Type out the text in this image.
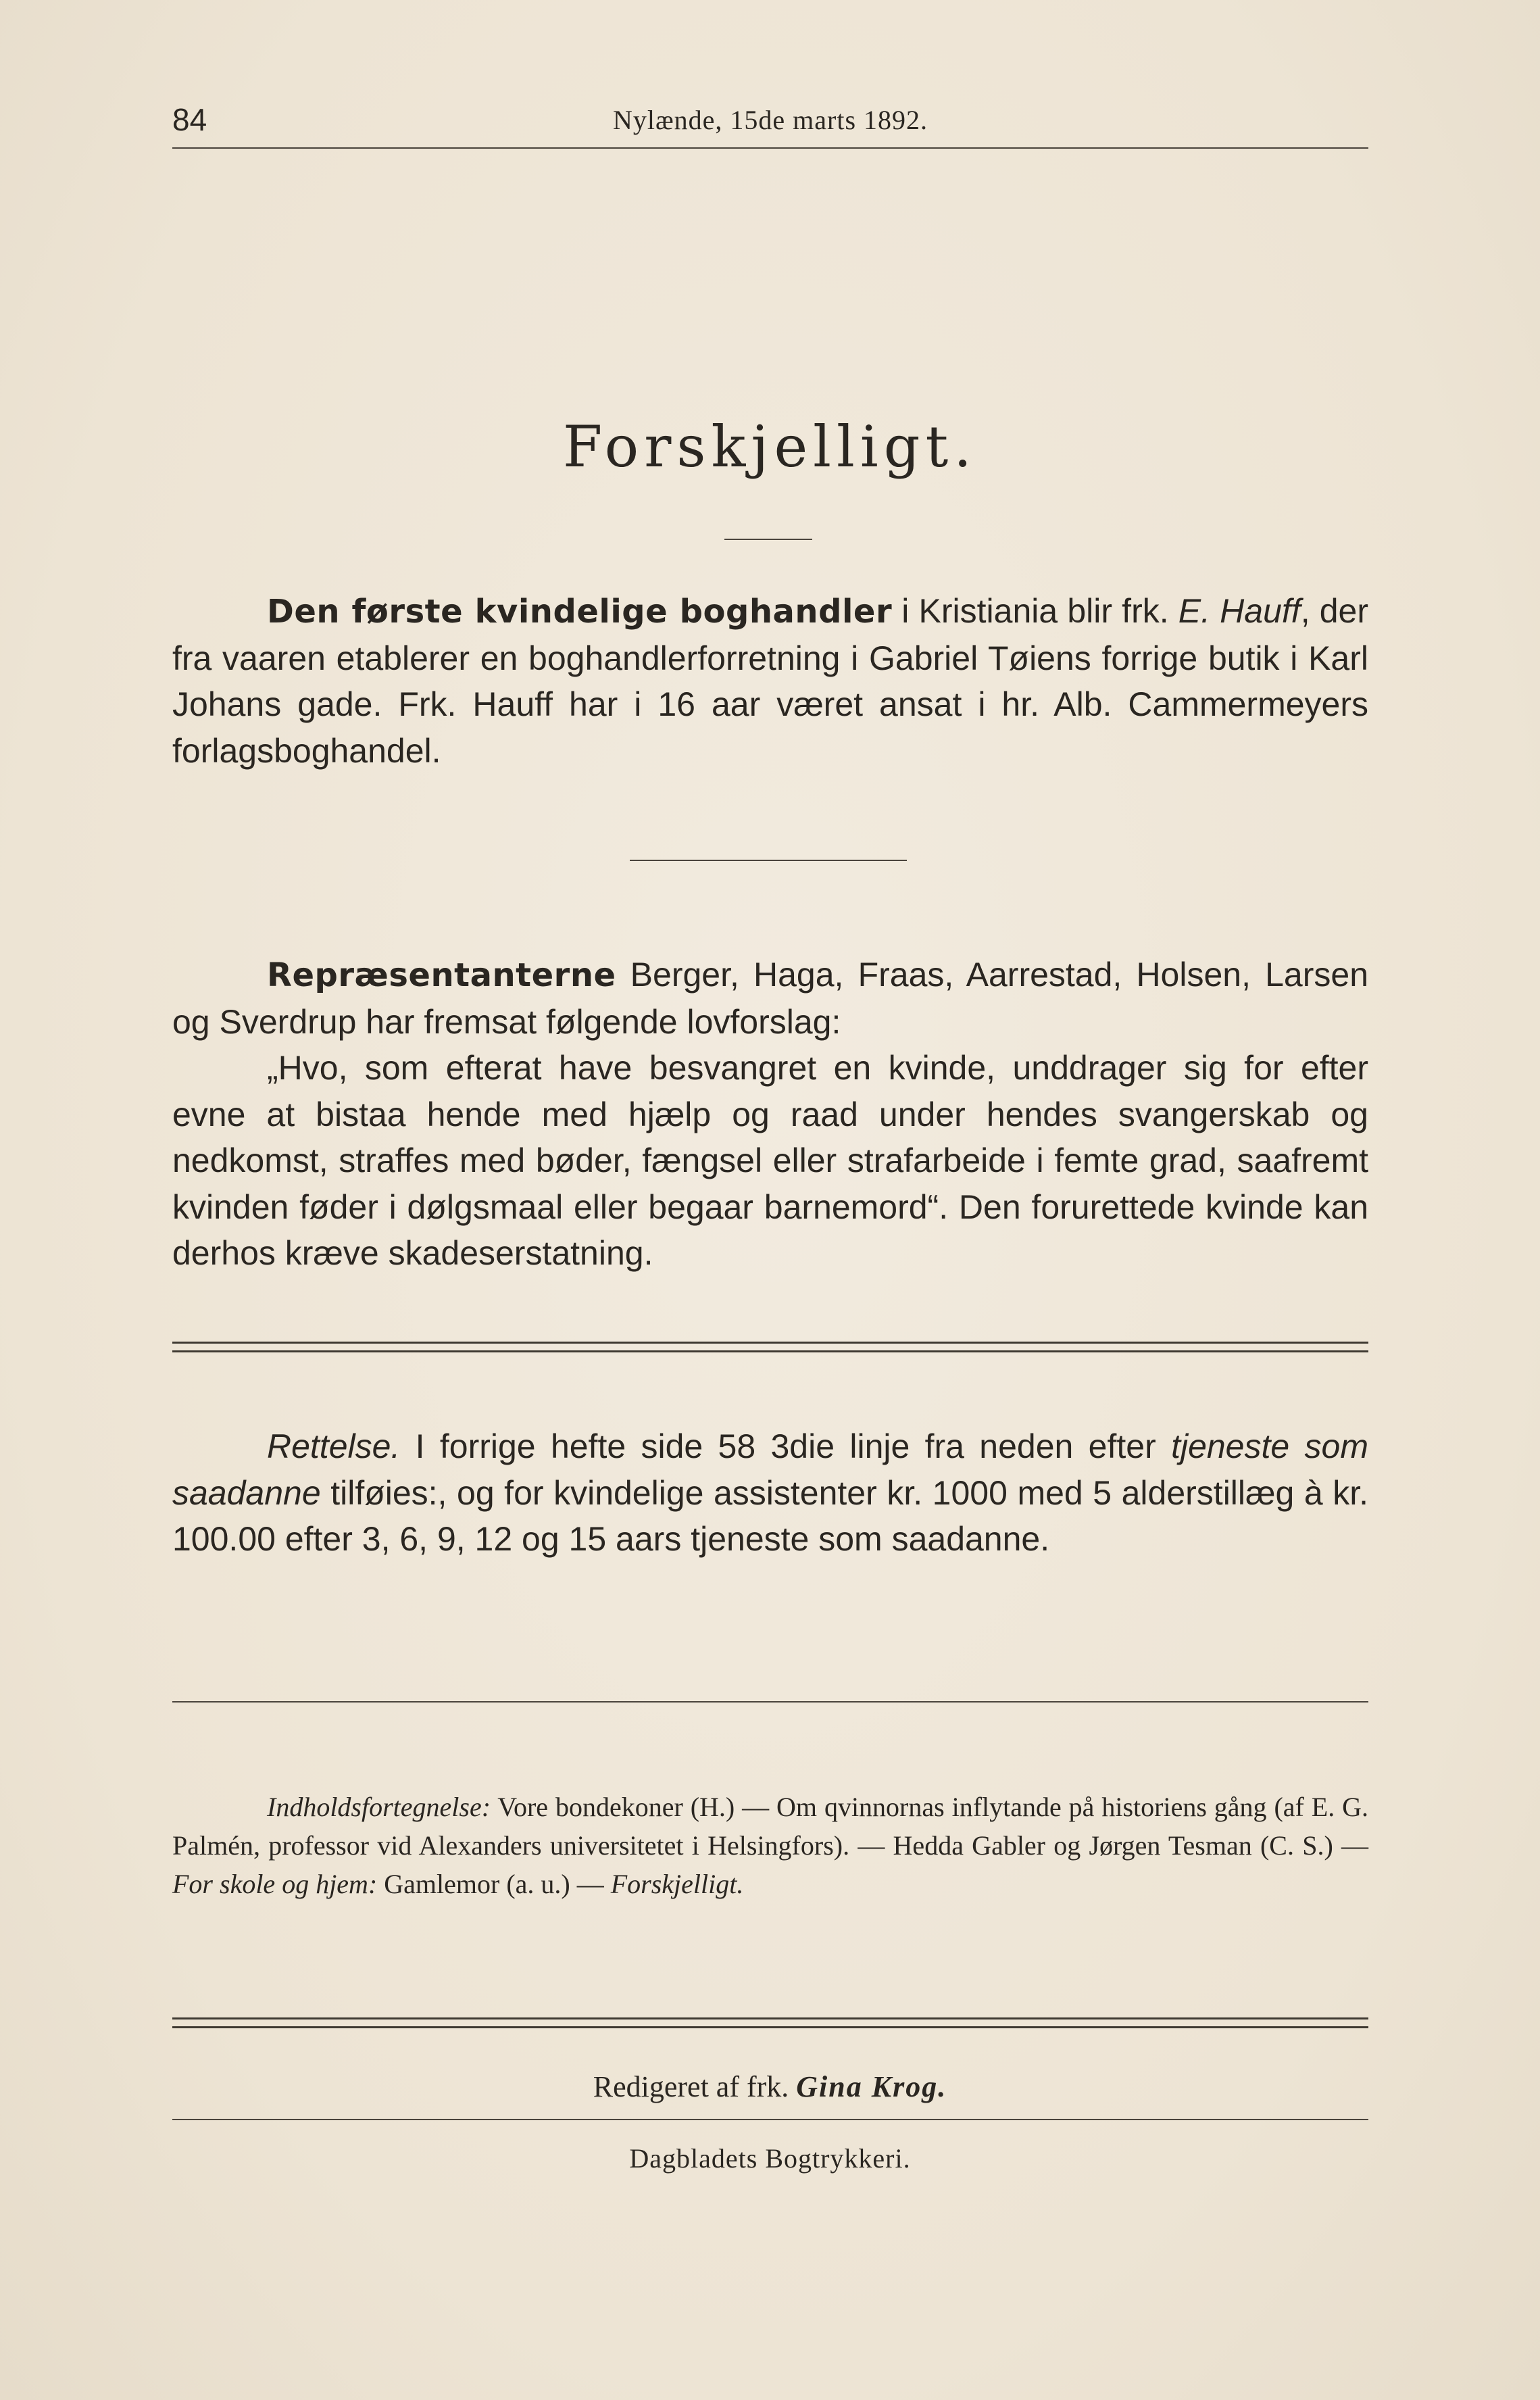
84	Nylænde, 15de marts 1892.
Forskjelligt.

Den første kvindelige boghandler i Kristiania blir frk. E. Hauff, der fra vaaren etablerer en boghandlerforretning i Gabriel Tøiens forrige butik i Karl Johans gade. Frk. Hauff har i 16 aar været ansat i hr. Alb. Cammermeyers forlagsboghandel.

Repræsentanterne Berger, Haga, Fraas, Aarrestad, Holsen, Larsen og Sverdrup har fremsat følgende lovforslag:

„Hvo, som efterat have besvangret en kvinde, unddrager sig for efter evne at bistaa hende med hjælp og raad under hendes svangerskab og nedkomst, straffes med bøder, fængsel eller strafarbeide i femte grad, saafremt kvinden føder i dølgsmaal eller begaar barnemord“. Den forurettede kvinde kan derhos kræve skadeserstatning.

Rettelse. I forrige hefte side 58 3die linje fra neden efter tjeneste som saadanne tilføies:, og for kvindelige assistenter kr. 1000 med 5 alderstillæg à kr. 100.00 efter 3, 6, 9, 12 og 15 aars tjeneste som saadanne.

Indholdsfortegnelse: Vore bondekoner (H.) — Om qvinnornas inflytande på historiens gång (af E. G. Palmén, professor vid Alexanders universitetet i Helsingfors). — Hedda Gabler og Jørgen Tesman (C. S.) — For skole og hjem: Gamlemor (a. u.) — Forskjelligt.

Redigeret af frk. Gina Krog.
Dagbladets Bogtrykkeri.
